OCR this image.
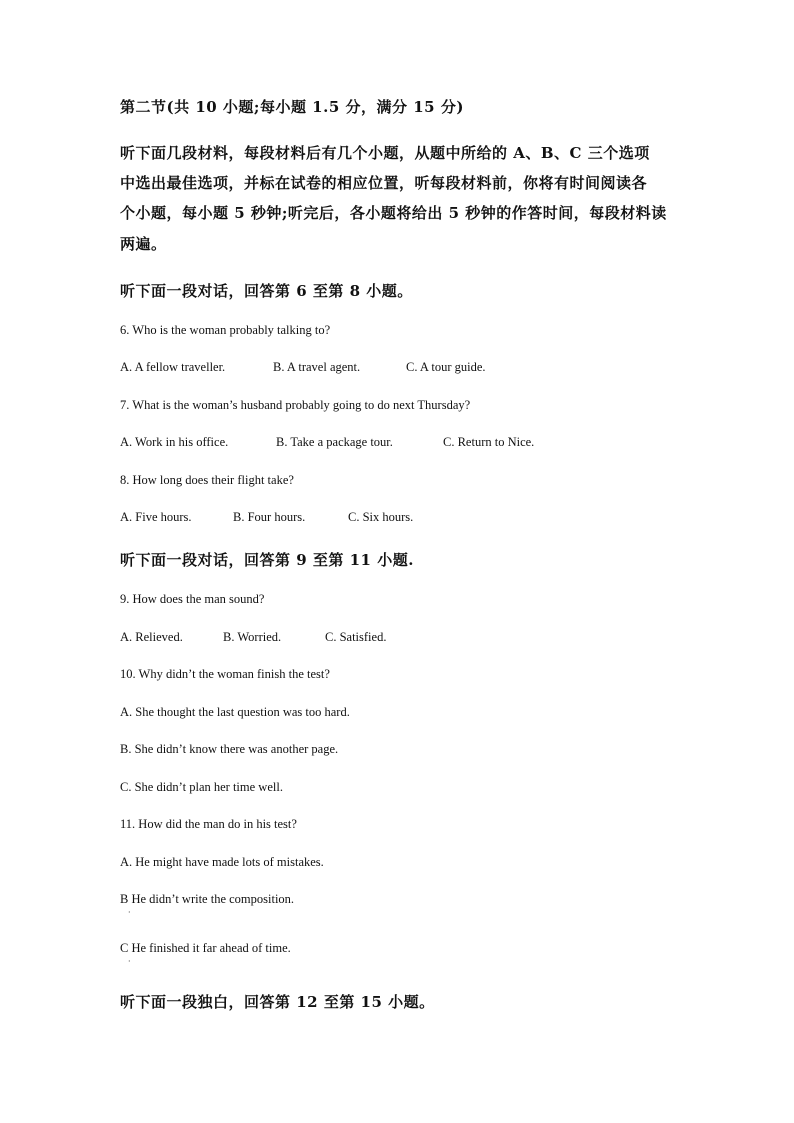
第二节(共 10 小题;每小题 1.5 分，满分 15 分)
听下面几段材料，每段材料后有几个小题，从题中所给的 A、B、C 三个选项
中选出最佳选项，并标在试卷的相应位置，听每段材料前，你将有时间阅读各
个小题，每小题 5 秒钟;听完后，各小题将给出 5 秒钟的作答时间，每段材料读
两遍。
听下面一段对话，回答第 6 至第 8 小题。
6. Who is the woman probably talking to?
A. A fellow traveller.	B. A travel agent.	C. A tour guide.
7. What is the woman’s husband probably going to do next Thursday?
A. Work in his office.	B. Take a package tour.	C. Return to Nice.
8. How long does their flight take?
A. Five hours.	B. Four hours.	C. Six hours.
听下面一段对话，回答第 9 至第 11 小题.
9. How does the man sound?
A. Relieved.	B. Worried.	C. Satisfied.
10. Why didn’t the woman finish the test?
A. She thought the last question was too hard.
B. She didn’t know there was another page.
C. She didn’t plan her time well.
11. How did the man do in his test?
A. He might have made lots of mistakes.
B He didn’t write the composition.
·
C He finished it far ahead of time.
·
听下面一段独白，回答第 12 至第 15 小题。
